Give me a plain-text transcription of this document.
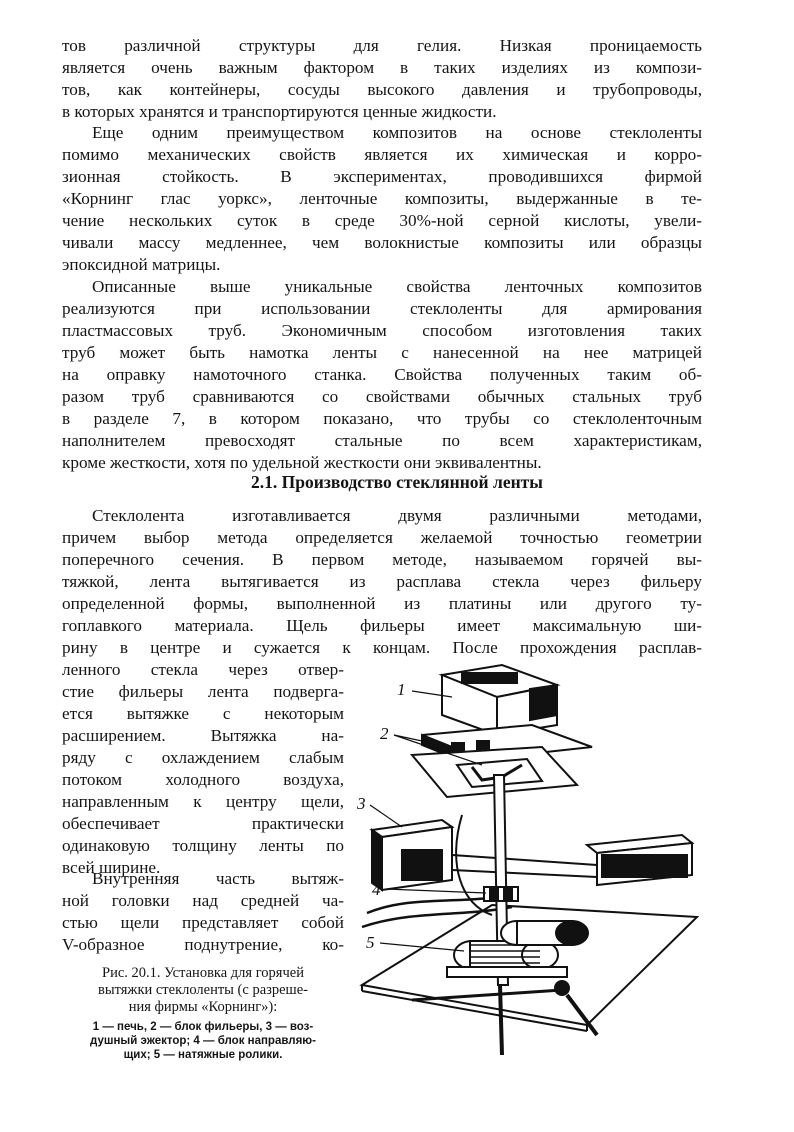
тов различной структуры для гелия. Низкая проницаемость
является очень важным фактором в таких изделиях из компози-
тов, как контейнеры, сосуды высокого давления и трубопроводы,
в которых хранятся и транспортируются ценные жидкости.

Еще одним преимуществом композитов на основе стеклоленты
помимо механических свойств является их химическая и корро-
зионная стойкость. В экспериментах, проводившихся фирмой
«Корнинг глас уоркс», ленточные композиты, выдержанные в те-
чение нескольких суток в среде 30%-ной серной кислоты, увели-
чивали массу медленнее, чем волокнистые композиты или образцы
эпоксидной матрицы.

Описанные выше уникальные свойства ленточных композитов
реализуются при использовании стеклоленты для армирования
пластмассовых труб. Экономичным способом изготовления таких
труб может быть намотка ленты с нанесенной на нее матрицей
на оправку намоточного станка. Свойства полученных таким об-
разом труб сравниваются со свойствами обычных стальных труб
в разделе 7, в котором показано, что трубы со стеклоленточным
наполнителем превосходят стальные по всем характеристикам,
кроме жесткости, хотя по удельной жесткости они эквивалентны.

2.1. Производство стеклянной ленты

Стеклолента изготавливается двумя различными методами,
причем выбор метода определяется желаемой точностью геометрии
поперечного сечения. В первом методе, называемом горячей вы-
тяжкой, лента вытягивается из расплава стекла через фильеру
определенной формы, выполненной из платины или другого ту-
гоплавкого материала. Щель фильеры имеет максимальную ши-
рину в центре и сужается к концам. После прохождения расплав-

ленного стекла через отвер-
стие фильеры лента подверга-
ется вытяжке с некоторым
расширением. Вытяжка на-
ряду с охлаждением слабым
потоком холодного воздуха,
направленным к центру щели,
обеспечивает практически
одинаковую толщину ленты по
всей ширине.

Внутренняя часть вытяж-
ной головки над средней ча-
стью щели представляет собой
V-образное поднутрение, ко-

Рис. 20.1. Установка для горячей
вытяжки стеклоленты (с разреше-
ния фирмы «Корнинг»):
1 — печь, 2 — блок фильеры, 3 — воз-
душный эжектор; 4 — блок направляю-
щих; 5 — натяжные ролики.
1
2
3
4
5
